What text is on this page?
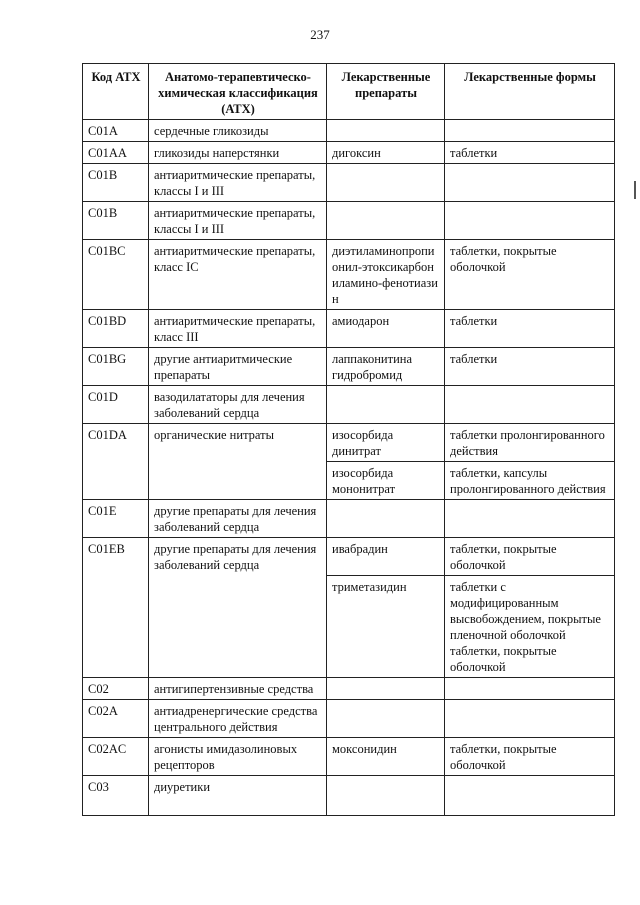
237
Код АТХ	Анатомо-терапевтическо-химическая классификация (АТХ)	Лекарственные препараты	Лекарственные формы
C01A	сердечные гликозиды		
C01AA	гликозиды наперстянки	дигоксин	таблетки
C01B	антиаритмические препараты, классы I и III		
C01B	антиаритмические препараты, классы I и III		
C01BC	антиаритмические препараты, класс IC	диэтиламинопропионил-этоксикарбониламино-фенотиазин	таблетки, покрытые оболочкой
C01BD	антиаритмические препараты, класс III	амиодарон	таблетки
C01BG	другие антиаритмические препараты	лаппаконитина гидробромид	таблетки
C01D	вазодилататоры для лечения заболеваний сердца		
C01DA	органические нитраты	изосорбида динитрат	таблетки пролонгированного действия
		изосорбида мононитрат	таблетки, капсулы пролонгированного действия
C01E	другие препараты для лечения заболеваний сердца		
C01EB	другие препараты для лечения заболеваний сердца	ивабрадин	таблетки, покрытые оболочкой
		триметазидин	таблетки с модифицированным высвобождением, покрытые пленочной оболочкой таблетки, покрытые оболочкой
C02	антигипертензивные средства		
C02A	антиадренергические средства центрального действия		
C02AC	агонисты имидазолиновых рецепторов	моксонидин	таблетки, покрытые оболочкой
C03	диуретики		
